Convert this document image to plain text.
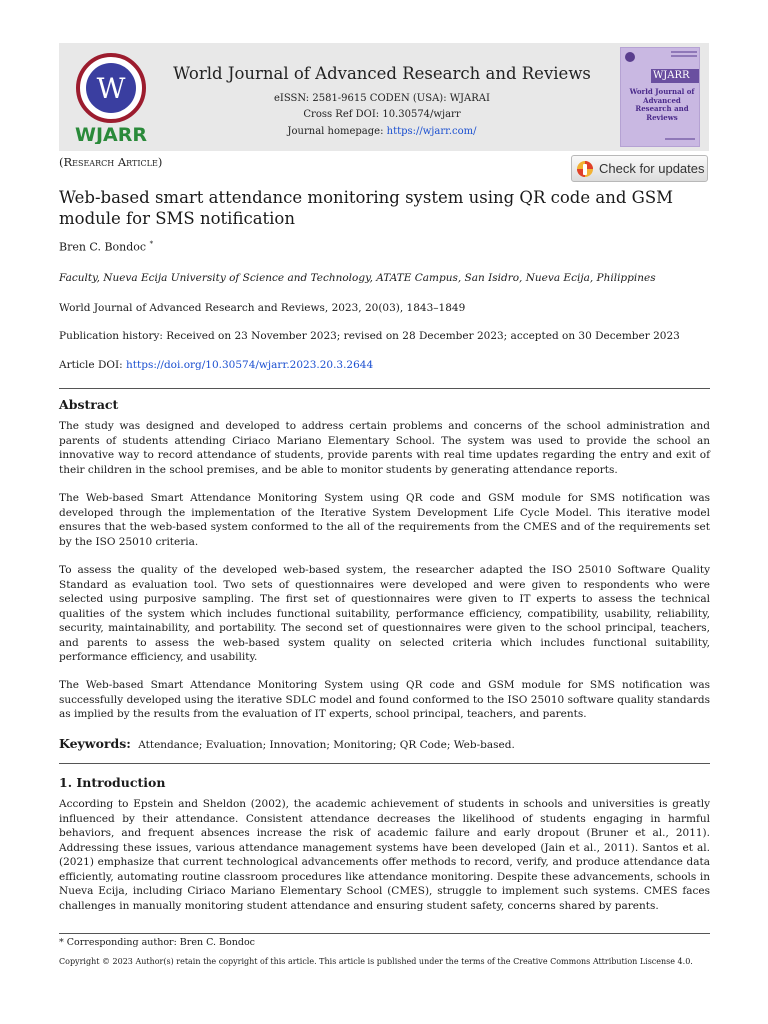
W
WJARR
World Journal of Advanced Research and Reviews
eISSN: 2581-9615 CODEN (USA): WJARAI
Cross Ref DOI: 10.30574/wjarr
Journal homepage: https://wjarr.com/
WJARR
World Journal of Advanced Research and Reviews
(Research Article)	Check for updates
Web-based smart attendance monitoring system using QR code and GSM module for SMS notification
Bren C. Bondoc *
Faculty, Nueva Ecija University of Science and Technology, ATATE Campus, San Isidro, Nueva Ecija, Philippines
World Journal of Advanced Research and Reviews, 2023, 20(03), 1843–1849
Publication history: Received on 23 November 2023; revised on 28 December 2023; accepted on 30 December 2023
Article DOI: https://doi.org/10.30574/wjarr.2023.20.3.2644
Abstract
The study was designed and developed to address certain problems and concerns of the school administration and parents of students attending Ciriaco Mariano Elementary School. The system was used to provide the school an innovative way to record attendance of students, provide parents with real time updates regarding the entry and exit of their children in the school premises, and be able to monitor students by generating attendance reports.
The Web-based Smart Attendance Monitoring System using QR code and GSM module for SMS notification was developed through the implementation of the Iterative System Development Life Cycle Model. This iterative model ensures that the web-based system conformed to the all of the requirements from the CMES and of the requirements set by the ISO 25010 criteria.
To assess the quality of the developed web-based system, the researcher adapted the ISO 25010 Software Quality Standard as evaluation tool. Two sets of questionnaires were developed and were given to respondents who were selected using purposive sampling. The first set of questionnaires were given to IT experts to assess the technical qualities of the system which includes functional suitability, performance efficiency, compatibility, usability, reliability, security, maintainability, and portability. The second set of questionnaires were given to the school principal, teachers, and parents to assess the web-based system quality on selected criteria which includes functional suitability, performance efficiency, and usability.
The Web-based Smart Attendance Monitoring System using QR code and GSM module for SMS notification was successfully developed using the iterative SDLC model and found conformed to the ISO 25010 software quality standards as implied by the results from the evaluation of IT experts, school principal, teachers, and parents.
Keywords: Attendance; Evaluation; Innovation; Monitoring; QR Code; Web-based.
1. Introduction
According to Epstein and Sheldon (2002), the academic achievement of students in schools and universities is greatly influenced by their attendance. Consistent attendance decreases the likelihood of students engaging in harmful behaviors, and frequent absences increase the risk of academic failure and early dropout (Bruner et al., 2011). Addressing these issues, various attendance management systems have been developed (Jain et al., 2011). Santos et al. (2021) emphasize that current technological advancements offer methods to record, verify, and produce attendance data efficiently, automating routine classroom procedures like attendance monitoring. Despite these advancements, schools in Nueva Ecija, including Ciriaco Mariano Elementary School (CMES), struggle to implement such systems. CMES faces challenges in manually monitoring student attendance and ensuring student safety, concerns shared by parents.
* Corresponding author: Bren C. Bondoc
Copyright © 2023 Author(s) retain the copyright of this article. This article is published under the terms of the Creative Commons Attribution Liscense 4.0.
